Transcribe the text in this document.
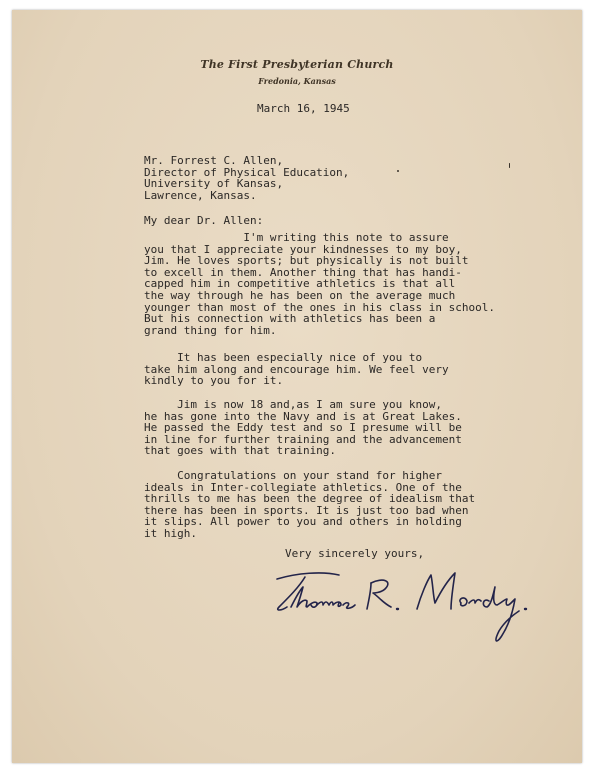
The First Presbyterian Church
Fredonia, Kansas
March 16, 1945
Mr. Forrest C. Allen,
Director of Physical Education,
University of Kansas,
Lawrence, Kansas.
My dear Dr. Allen:
I'm writing this note to assure
you that I appreciate your kindnesses to my boy,
Jim. He loves sports; but physically is not built
to excell in them. Another thing that has handi-
capped him in competitive athletics is that all
the way through he has been on the average much
younger than most of the ones in his class in school.
But his connection with athletics has been a
grand thing for him.
It has been especially nice of you to
take him along and encourage him. We feel very
kindly to you for it.
Jim is now 18 and,as I am sure you know,
he has gone into the Navy and is at Great Lakes.
He passed the Eddy test and so I presume will be
in line for further training and the advancement
that goes with that training.
Congratulations on your stand for higher
ideals in Inter-collegiate athletics. One of the
thrills to me has been the degree of idealism that
there has been in sports. It is just too bad when
it slips. All power to you and others in holding
it high.
Very sincerely yours,
